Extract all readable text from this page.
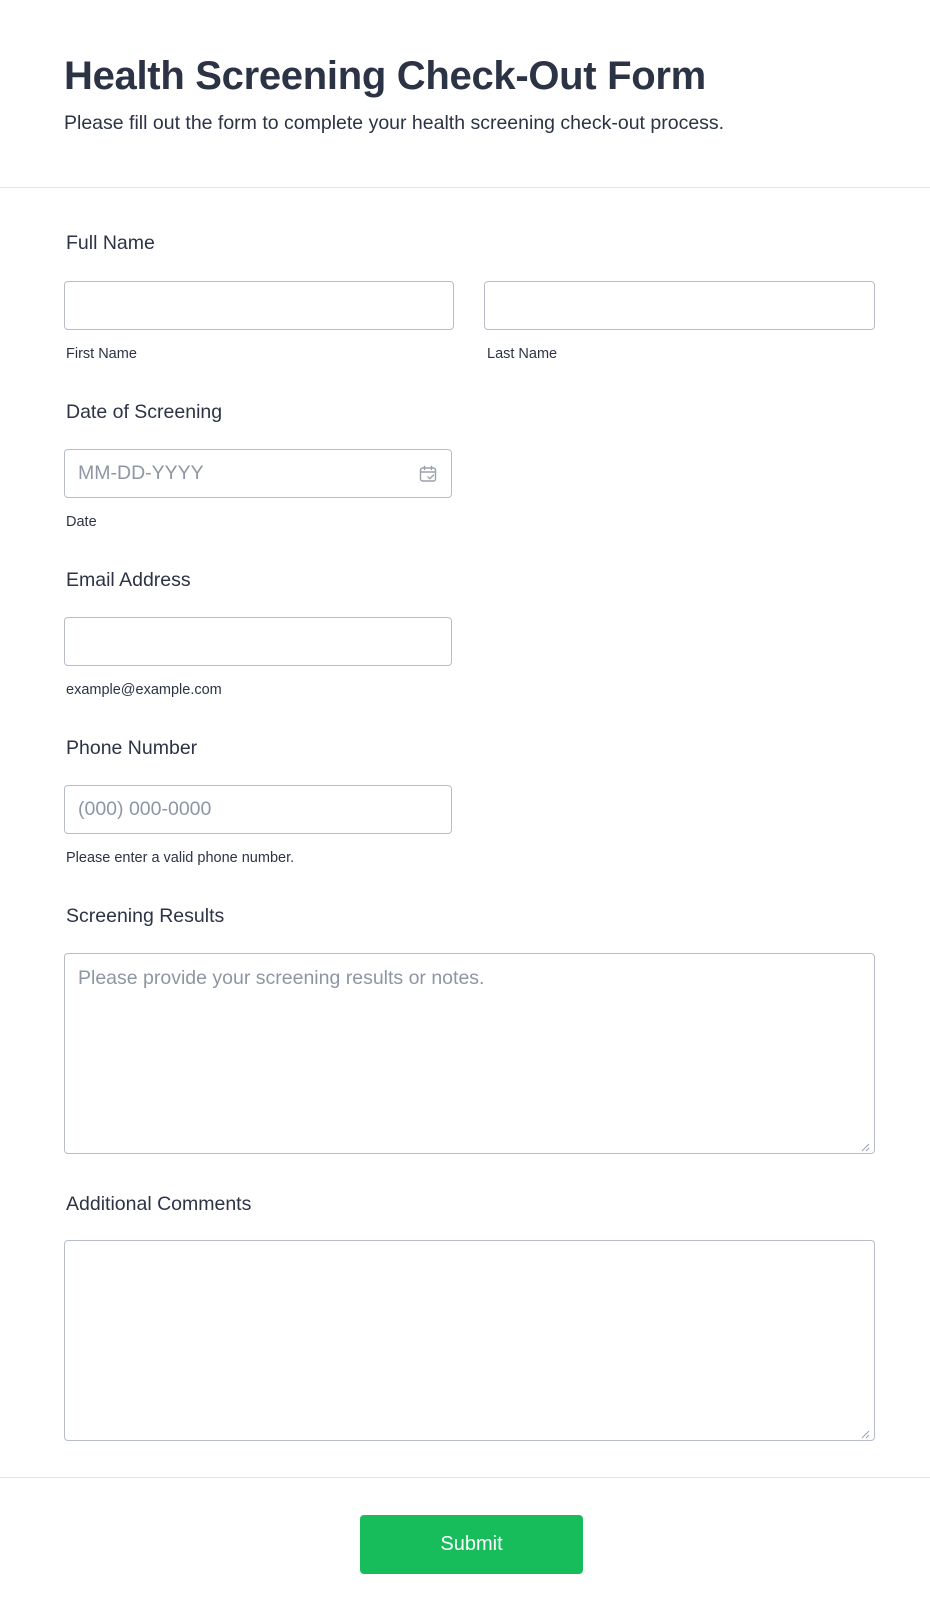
Health Screening Check-Out Form

Please fill out the form to complete your health screening check-out process.

Full Name
First Name	Last Name
Date of Screening
MM-DD-YYYY
Date
Email Address
example@example.com
Phone Number
(000) 000-0000
Please enter a valid phone number.
Screening Results
Please provide your screening results or notes.
Additional Comments
Submit
